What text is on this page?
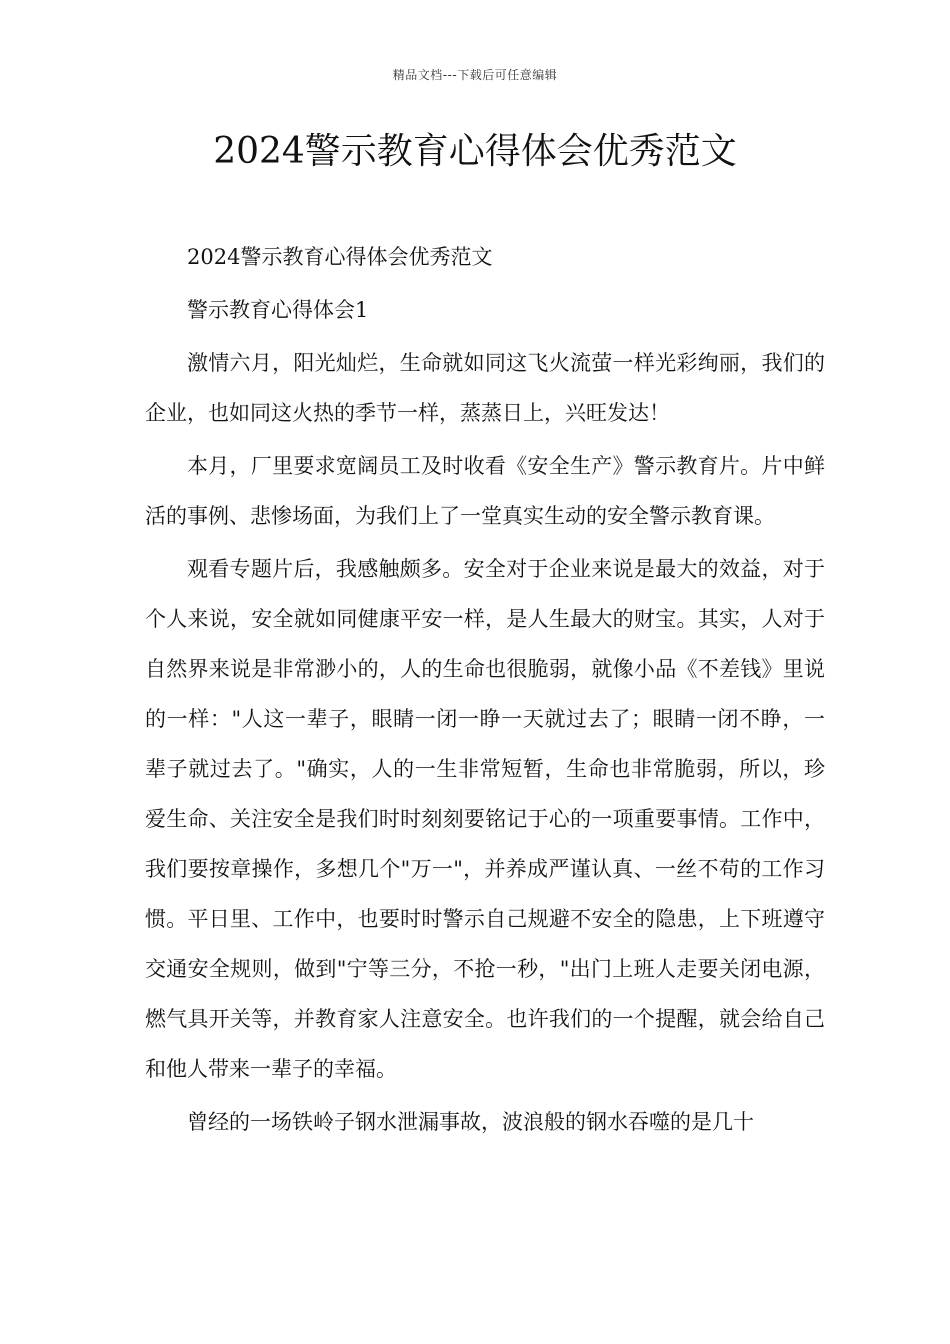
精品文档---下载后可任意编辑
2024警示教育心得体会优秀范文

2024警示教育心得体会优秀范文

警示教育心得体会1

激情六月，阳光灿烂，生命就如同这飞火流萤一样光彩绚丽，我们的企业，也如同这火热的季节一样，蒸蒸日上，兴旺发达！

本月，厂里要求宽阔员工及时收看《安全生产》警示教育片。片中鲜活的事例、悲惨场面，为我们上了一堂真实生动的安全警示教育课。

观看专题片后，我感触颇多。安全对于企业来说是最大的效益，对于个人来说，安全就如同健康平安一样，是人生最大的财宝。其实，人对于自然界来说是非常渺小的，人的生命也很脆弱，就像小品《不差钱》里说的一样："人这一辈子，眼睛一闭一睁一天就过去了；眼睛一闭不睁，一辈子就过去了。"确实，人的一生非常短暂，生命也非常脆弱，所以，珍爱生命、关注安全是我们时时刻刻要铭记于心的一项重要事情。工作中，我们要按章操作，多想几个"万一"，并养成严谨认真、一丝不苟的工作习惯。平日里、工作中，也要时时警示自己规避不安全的隐患，上下班遵守交通安全规则，做到"宁等三分，不抢一秒，"出门上班人走要关闭电源，燃气具开关等，并教育家人注意安全。也许我们的一个提醒，就会给自己和他人带来一辈子的幸福。

曾经的一场铁岭子钢水泄漏事故，波浪般的钢水吞噬的是几十
